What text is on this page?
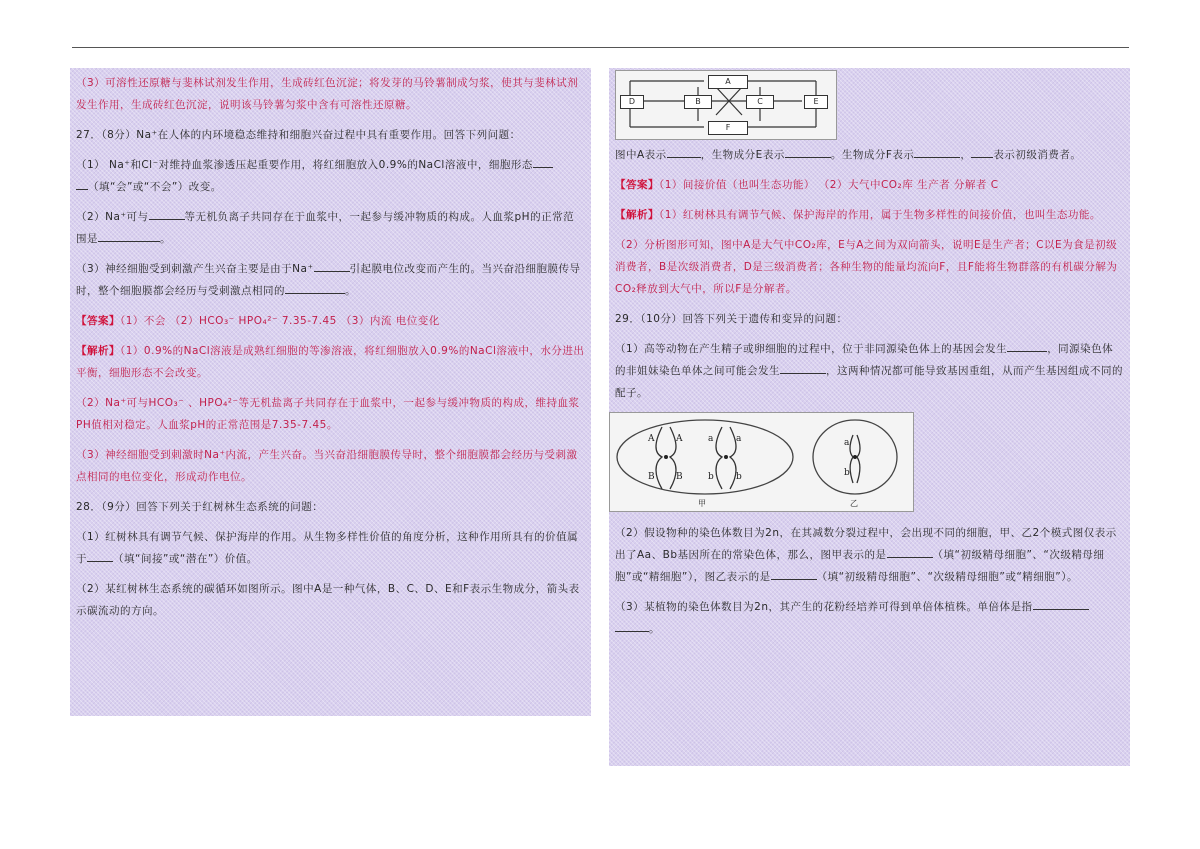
（3）可溶性还原糖与斐林试剂发生作用，生成砖红色沉淀；将发芽的马铃薯制成匀浆，使其与斐林试剂发生作用，生成砖红色沉淀，说明该马铃薯匀浆中含有可溶性还原糖。

27．（8分）Na⁺在人体的内环境稳态维持和细胞兴奋过程中具有重要作用。回答下列问题：

（1） Na⁺和Cl⁻对维持血浆渗透压起重要作用，将红细胞放入0.9%的NaCl溶液中，细胞形态
（填“会”或“不会”）改变。

（2）Na⁺可与	等无机负离子共同存在于血浆中，一起参与缓冲物质的构成。人血浆pH的正常范围是	。

（3）神经细胞受到刺激产生兴奋主要是由于Na⁺	引起膜电位改变而产生的。当兴奋沿细胞膜传导时，整个细胞膜都会经历与受刺激点相同的	。

【答案】（1）不会 （2）HCO₃⁻ HPO₄²⁻ 7.35-7.45 （3）内流 电位变化

【解析】（1）0.9%的NaCl溶液是成熟红细胞的等渗溶液，将红细胞放入0.9%的NaCl溶液中，水分进出平衡，细胞形态不会改变。

（2）Na⁺可与HCO₃⁻ 、HPO₄²⁻等无机盐离子共同存在于血浆中，一起参与缓冲物质的构成，维持血浆PH值相对稳定。人血浆pH的正常范围是7.35-7.45。

（3）神经细胞受到刺激时Na⁺内流，产生兴奋。当兴奋沿细胞膜传导时，整个细胞膜都会经历与受刺激点相同的电位变化，形成动作电位。

28．（9分）回答下列关于红树林生态系统的问题：

（1）红树林具有调节气候、保护海岸的作用。从生物多样性价值的角度分析，这种作用所具有的价值属于 （填“间接”或“潜在”）价值。

（2）某红树林生态系统的碳循环如图所示。图中A是一种气体，B、C、D、E和F表示生物成分，箭头表示碳流动的方向。

A
B	C
D	E
F

图中A表示	，生物成分E表示	。生物成分F表示	， 表示初级消费者。

【答案】（1）间接价值（也叫生态功能） （2）大气中CO₂库 生产者 分解者 C

【解析】（1）红树林具有调节气候、保护海岸的作用，属于生物多样性的间接价值，也叫生态功能。

（2）分析图形可知，图中A是大气中CO₂库，E与A之间为双向箭头，说明E是生产者；C以E为食是初级消费者，B是次级消费者，D是三级消费者；各种生物的能量均流向F，且F能将生物群落的有机碳分解为CO₂释放到大气中，所以F是分解者。

29．（10分）回答下列关于遗传和变异的问题：

（1）高等动物在产生精子或卵细胞的过程中，位于非同源染色体上的基因会发生	，同源染色体的非姐妹染色单体之间可能会发生	，这两种情况都可能导致基因重组，从而产生基因组成不同的配子。

A A	a	a
B B	b b
a
b
甲	乙

（2）假设物种的染色体数目为2n，在其减数分裂过程中，会出现不同的细胞，甲、乙2个模式图仅表示出了Aa、Bb基因所在的常染色体，那么，图甲表示的是	（填“初级精母细胞”、“次级精母细胞”或“精细胞”），图乙表示的是	（填“初级精母细胞”、“次级精母细胞”或“精细胞”）。

（3）某植物的染色体数目为2n，其产生的花粉经培养可得到单倍体植株。单倍体是指
。
